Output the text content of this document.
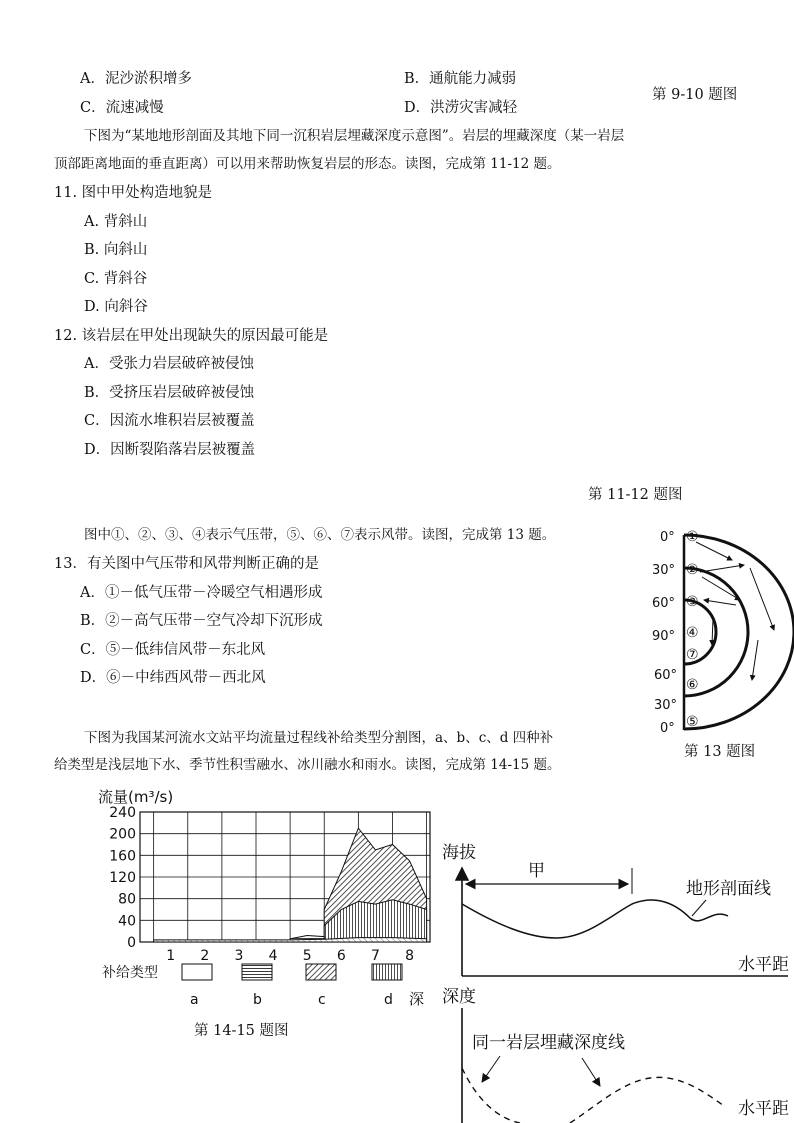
A．泥沙淤积增多	B．通航能力减弱
第 9-10 题图
C．流速减慢	D．洪涝灾害减轻
下图为“某地地形剖面及其地下同一沉积岩层埋藏深度示意图”。岩层的埋藏深度（某一岩层
顶部距离地面的垂直距离）可以用来帮助恢复岩层的形态。读图，完成第 11-12 题。
11. 图中甲处构造地貌是
A. 背斜山
B. 向斜山
C. 背斜谷
D. 向斜谷
12. 该岩层在甲处出现缺失的原因最可能是
A．受张力岩层破碎被侵蚀
B．受挤压岩层破碎被侵蚀
C．因流水堆积岩层被覆盖
D．因断裂陷落岩层被覆盖
第 11-12 题图
图中①、②、③、④表示气压带，⑤、⑥、⑦表示风带。读图，完成第 13 题。
13．有关图中气压带和风带判断正确的是
A．①－低气压带－冷暖空气相遇形成
B．②－高气压带－空气冷却下沉形成
C．⑤－低纬信风带－东北风
D．⑥－中纬西风带－西北风
0°
30°
60°
90°
60°
30°
0°
①
②
③
④
⑦
⑥
⑤
第 13 题图
下图为我国某河流水文站平均流量过程线补给类型分割图，a、b、c、d 四种补
给类型是浅层地下水、季节性积雪融水、冰川融水和雨水。读图，完成第 14-15 题。
流量(m³/s)
0
40
80
120
160
200
240
1 2 3 4 5 6 7 8
补给类型
a	b	c	d 深
第 14-15 题图
海拔
水平距
甲
地形剖面线
深度
同一岩层埋藏深度线
水平距
